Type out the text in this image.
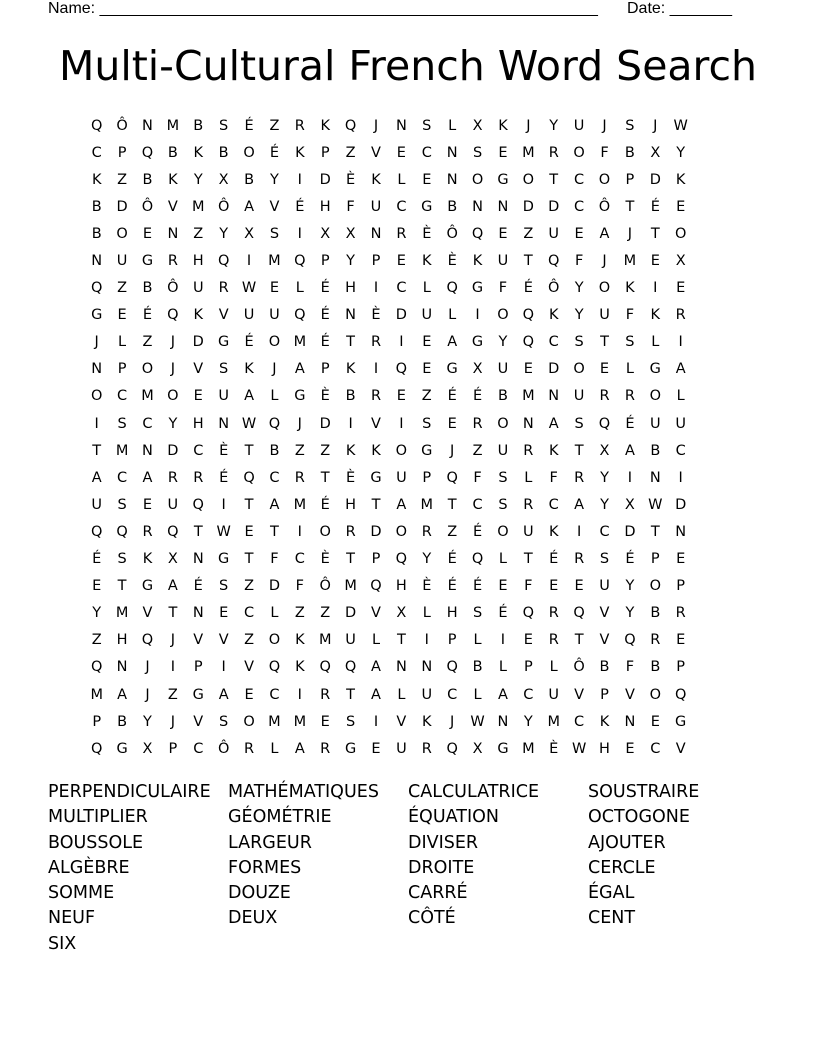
Name: ________________________________________________________

Date: _______

Multi-Cultural French Word Search
Q Ô N M B	S	É	Z	R	K	Q	J	N	S	L	X	K	J	Y	U	J	S	J	W
C	P	Q	B	K	B	O	É	K	P	Z	V	E	C	N	S	E	M R	O	F	B	X	Y
K	Z	B	K	Y	X	B	Y	I	D	È	K	L	E	N O G O	T	C	O	P	D	K
B	D Ô	V M Ô	A	V	É	H	F	U	C	G	B	N	N D D	C	Ô	T	É	E
B	O	E	N	Z	Y	X	S	I	X	X	N	R	È	Ô Q	E	Z	U	E	A	J	T	O
N	U G	R	H Q	I	M Q	P	Y	P	E	K	È	K	U	T	Q	F	J	M	E	X
Q	Z	B	Ô U	R W E	L	É	H	I	C	L	Q G	F	É	Ô	Y	O	K	I	E
G	E	É	Q	K	V	U	U Q	É	N	È	D U	L	I	O Q	K	Y	U	F	K	R
J	L	Z	J	D G	É	O M	É	T	R	I	E	A	G	Y	Q	C	S	T	S	L	I
N	P	O	J	V	S	K	J	A	P	K	I	Q	E	G	X	U	E	D O	E	L	G	A
O	C M O	E	U	A	L	G	È	B	R	E	Z	É	É	B M N	U	R	R	O	L
I	S	C	Y	H	N W Q	J	D	I	V	I	S	E	R	O N	A	S	Q	É	U	U
T	M N D	C	È	T	B	Z	Z	K	K	O G	J	Z	U	R	K	T	X	A	B	C
A	C	A	R	R	É	Q	C	R	T	È	G U	P	Q	F	S	L	F	R	Y	I	N	I
U	S	E	U Q	I	T	A M	É	H	T	A M	T	C	S	R	C	A	Y	X W D
Q Q	R	Q	T W E	T	I	O	R	D O	R	Z	É	O U	K	I	C	D	T	N
É	S	K	X	N G	T	F	C	È	T	P	Q	Y	É	Q	L	T	É	R	S	É	P	E
E	T	G	A	É	S	Z	D	F	Ô M Q H	È	É	É	E	F	E	E	U	Y	O	P
Y	M V	T	N	E	C	L	Z	Z	D	V	X	L	H	S	É	Q	R	Q	V	Y	B	R
Z	H Q	J	V	V	Z	O	K M U	L	T	I	P	L	I	E	R	T	V	Q	R	E
Q N	J	I	P	I	V	Q	K	Q Q	A	N	N Q	B	L	P	L	Ô	B	F	B	P
M A	J	Z	G	A	E	C	I	R	T	A	L	U	C	L	A	C	U	V	P	V	O Q
P	B	Y	J	V	S	O M M	E	S	I	V	K	J	W N	Y	M C	K	N	E	G
Q G	X	P	C	Ô	R	L	A	R	G	E	U	R	Q	X	G M	È W H	E	C	V
PERPENDICULAIRE MATHÉMATIQUES	CALCULATRICE	SOUSTRAIRE
MULTIPLIER	GÉOMÉTRIE	ÉQUATION	OCTOGONE
BOUSSOLE	LARGEUR	DIVISER	AJOUTER
ALGÈBRE	FORMES	DROITE	CERCLE
SOMME	DOUZE	CARRÉ	ÉGAL
NEUF	DEUX	CÔTÉ	CENT
SIX
